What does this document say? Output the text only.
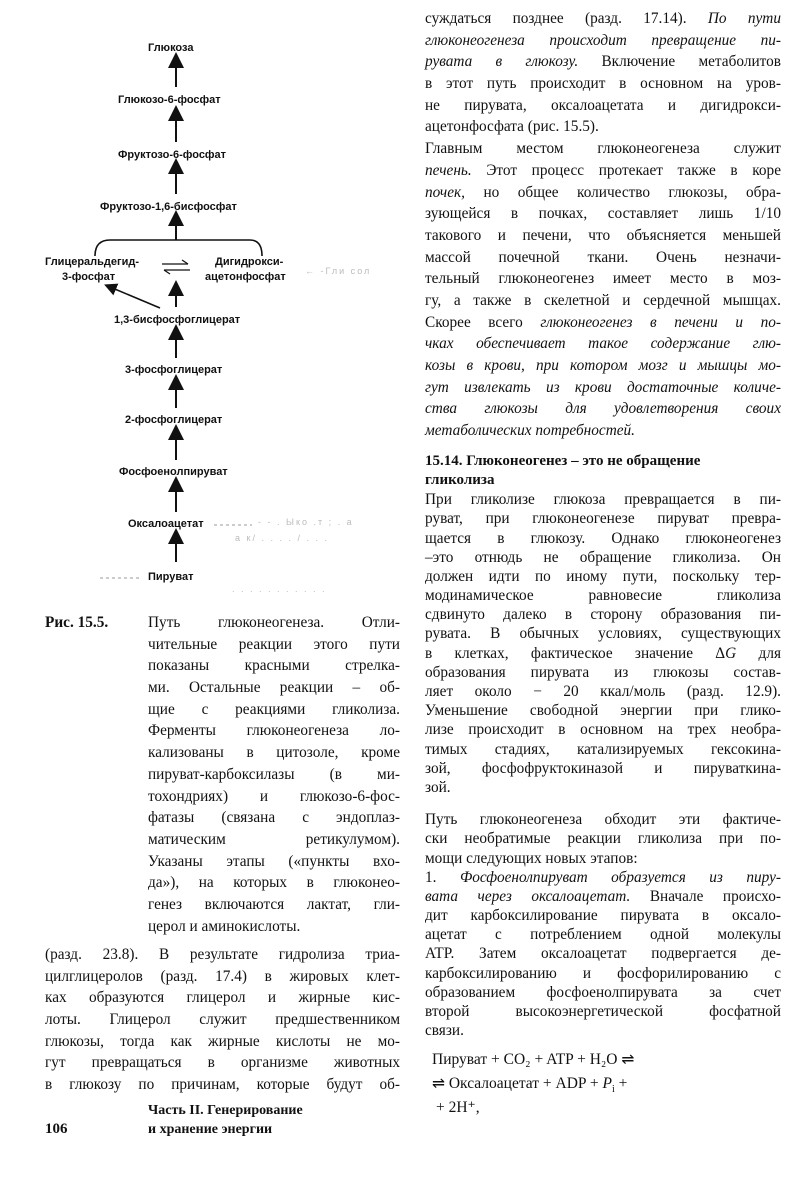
Глюкоза
Глюкозо-6-фосфат
Фруктозо-6-фосфат
Фруктозо-1,6-бисфосфат
Глицеральдегид-
3-фосфат
Дигидрокси-
ацетонфосфат ← -Гли сол
1,3-бисфосфоглицерат
3-фосфоглицерат
2-фосфоглицерат
Фосфоенолпируват
Оксалоацетат	- - . Ыко .т ; . а
а к/ . . . . / . . .
Пируват
. . . . . . . . . . .
Рис. 15.5.	Путь глюконеогенеза. Отли-
чительные реакции этого пути
показаны красными стрелка-
ми. Остальные реакции – об-
щие с реакциями гликолиза.
Ферменты глюконеогенеза ло-
кализованы в цитозоле, кроме
пируват-карбоксилазы (в ми-
тохондриях) и глюкозо-6-фос-
фатазы (связана с эндоплаз-
матическим ретикулумом).
Указаны этапы («пункты вхо-
да»), на которых в глюконео-
генез включаются лактат, гли-
церол и аминокислоты.
(разд. 23.8). В результате гидролиза триа-
цилглицеролов (разд. 17.4) в жировых клет-
ках образуются глицерол и жирные кис-
лоты. Глицерол служит предшественником
глюкозы, тогда как жирные кислоты не мо-
гут превращаться в организме животных
в глюкозу по причинам, которые будут об-
суждаться позднее (разд. 17.14). По пути
глюконеогенеза происходит превращение пи-
рувата в глюкозу. Включение метаболитов
в этот путь происходит в основном на уров-
не пирувата, оксалоацетата и дигидрокси-
ацетонфосфата (рис. 15.5).
Главным местом глюконеогенеза служит
печень. Этот процесс протекает также в коре
почек, но общее количество глюкозы, обра-
зующейся в почках, составляет лишь 1/10
такового и печени, что объясняется меньшей
массой почечной ткани. Очень незначи-
тельный глюконеогенез имеет место в моз-
гу, а также в скелетной и сердечной мышцах.
Скорее всего глюконеогенез в печени и по-
чках обеспечивает такое содержание глю-
козы в крови, при котором мозг и мышцы мо-
гут извлекать из крови достаточные количе-
ства глюкозы для удовлетворения своих
метаболических потребностей.
15.14. Глюконеогенез – это не обращение
гликолиза
При гликолизе глюкоза превращается в пи-
руват, при глюконеогенезе пируват превра-
щается в глюкозу. Однако глюконеогенез
–это отнюдь не обращение гликолиза. Он
должен идти по иному пути, поскольку тер-
модинамическое равновесие гликолиза
сдвинуто далеко в сторону образования пи-
рувата. В обычных условиях, существующих
в клетках, фактическое значение ΔG для
образования пирувата из глюкозы состав-
ляет около − 20 ккал/моль (разд. 12.9).
Уменьшение свободной энергии при глико-
лизе происходит в основном на трех необра-
тимых стадиях, катализируемых гексокина-
зой, фосфофруктокиназой и пируваткина-
зой.
Путь глюконеогенеза обходит эти фактиче-
ски необратимые реакции гликолиза при по-
мощи следующих новых этапов:
1. Фосфоенолпируват образуется из пиру-
вата через оксалоацетат. Вначале происхо-
дит карбоксилирование пирувата в оксало-
ацетат с потреблением одной молекулы
ATP. Затем оксалоацетат подвергается де-
карбоксилированию и фосфорилированию с
образованием фосфоенолпирувата за счет
второй высокоэнергетической фосфатной
связи.
Пируват + CO₂ + ATP + H₂O ⇌
⇌ Оксалоацетат + ADP + $P_i$ +
+ 2H⁺,
106
Часть II. Генерирование
и хранение энергии
